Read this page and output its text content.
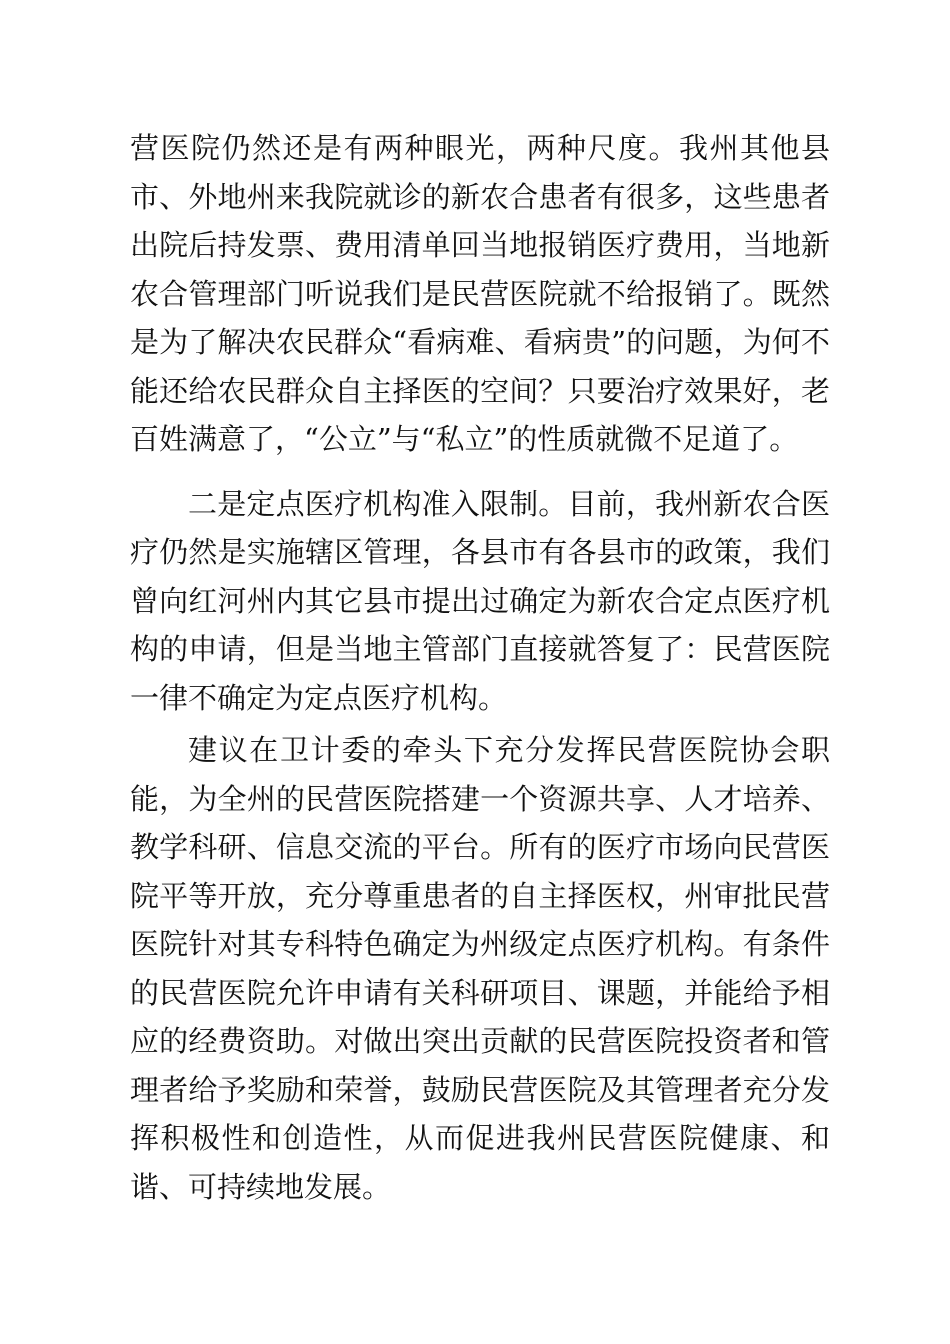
营医院仍然还是有两种眼光，两种尺度。我州其他县市、外地州来我院就诊的新农合患者有很多，这些患者出院后持发票、费用清单回当地报销医疗费用，当地新农合管理部门听说我们是民营医院就不给报销了。既然是为了解决农民群众“看病难、看病贵”的问题，为何不能还给农民群众自主择医的空间？只要治疗效果好，老百姓满意了，“公立”与“私立”的性质就微不足道了。

二是定点医疗机构准入限制。目前，我州新农合医疗仍然是实施辖区管理，各县市有各县市的政策，我们曾向红河州内其它县市提出过确定为新农合定点医疗机构的申请，但是当地主管部门直接就答复了：民营医院一律不确定为定点医疗机构。

建议在卫计委的牵头下充分发挥民营医院协会职能，为全州的民营医院搭建一个资源共享、人才培养、教学科研、信息交流的平台。所有的医疗市场向民营医院平等开放，充分尊重患者的自主择医权，州审批民营医院针对其专科特色确定为州级定点医疗机构。有条件的民营医院允许申请有关科研项目、课题，并能给予相应的经费资助。对做出突出贡献的民营医院投资者和管理者给予奖励和荣誉，鼓励民营医院及其管理者充分发挥积极性和创造性，从而促进我州民营医院健康、和谐、可持续地发展。
